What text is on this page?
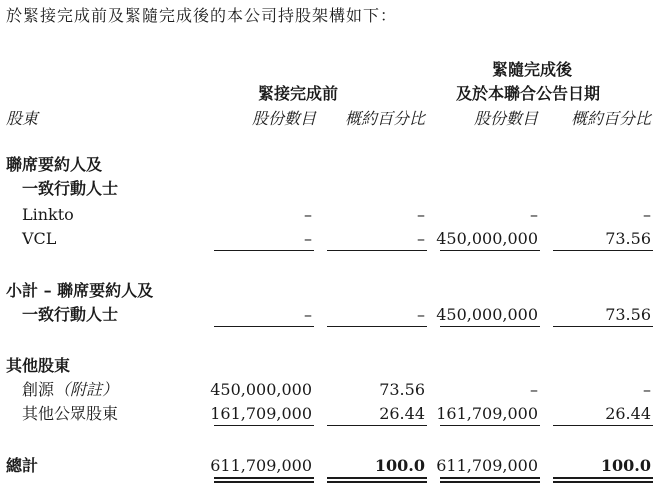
於緊接完成前及緊隨完成後的本公司持股架構如下：
緊隨完成後
緊接完成前	及於本聯合公告日期
股東	股份數目 概約百分比	股份數目 概約百分比
聯席要約人及
一致行動人士
Linkto	–	–	–	–
VCL	–	– 450,000,000	73.56
小計 – 聯席要約人及
一致行動人士	–	– 450,000,000	73.56
其他股東
創源（附註）	450,000,000	73.56	–	–
其他公眾股東	161,709,000	26.44 161,709,000	26.44
總計	611,709,000	100.0 611,709,000	100.0
